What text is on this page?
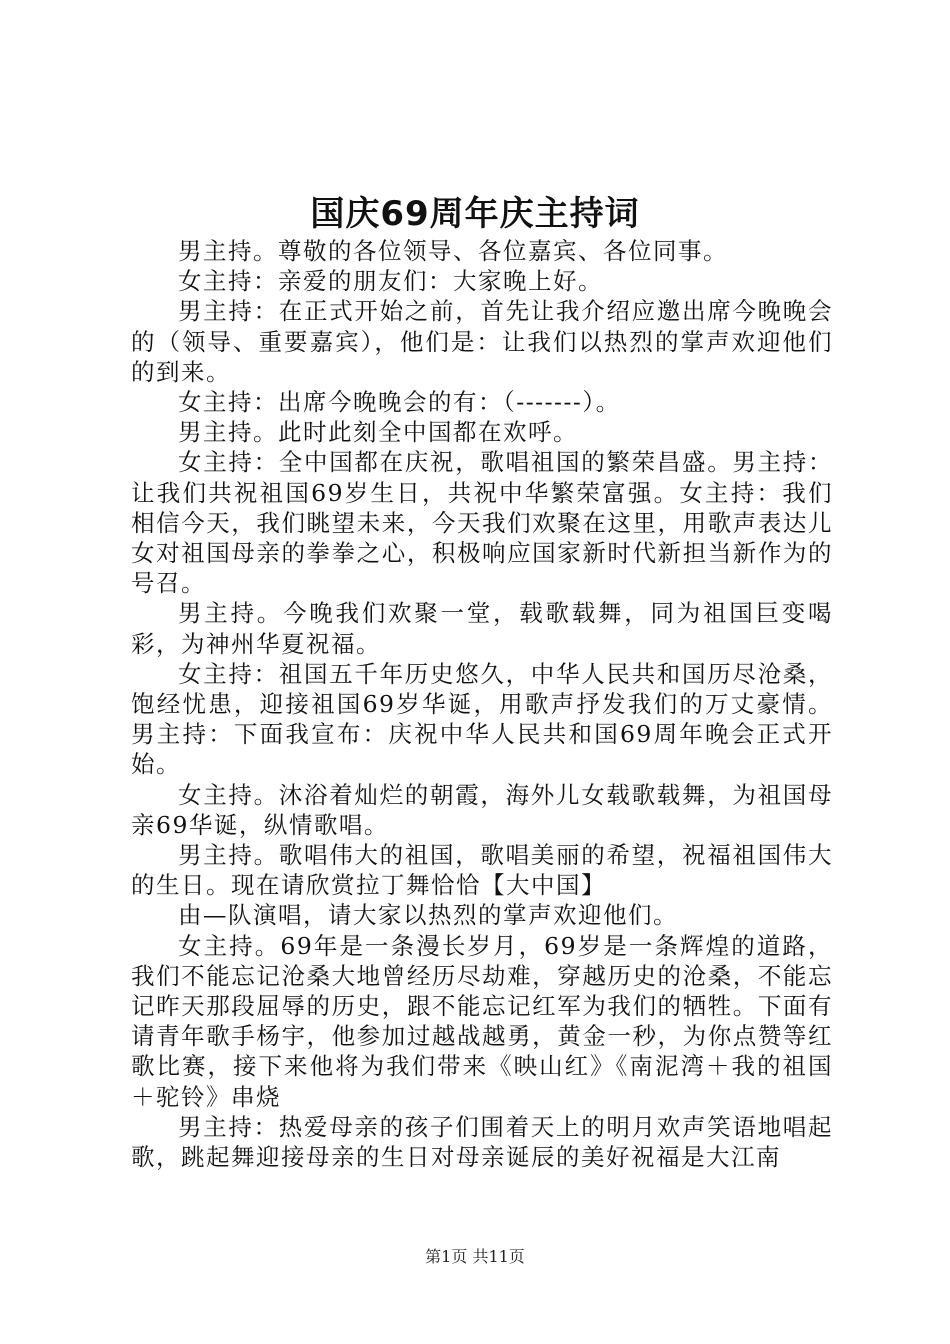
国庆69周年庆主持词

男主持。尊敬的各位领导、各位嘉宾、各位同事。

女主持：亲爱的朋友们：大家晚上好。

男主持：在正式开始之前，首先让我介绍应邀出席今晚晚会的（领导、重要嘉宾），他们是：让我们以热烈的掌声欢迎他们的到来。

女主持：出席今晚晚会的有：（-------）。

男主持。此时此刻全中国都在欢呼。

女主持：全中国都在庆祝，歌唱祖国的繁荣昌盛。男主持：让我们共祝祖国69岁生日，共祝中华繁荣富强。女主持：我们相信今天，我们眺望未来，今天我们欢聚在这里，用歌声表达儿女对祖国母亲的拳拳之心，积极响应国家新时代新担当新作为的号召。

男主持。今晚我们欢聚一堂，载歌载舞，同为祖国巨变喝彩，为神州华夏祝福。

女主持：祖国五千年历史悠久，中华人民共和国历尽沧桑，饱经忧患，迎接祖国69岁华诞，用歌声抒发我们的万丈豪情。男主持：下面我宣布：庆祝中华人民共和国69周年晚会正式开始。

女主持。沐浴着灿烂的朝霞，海外儿女载歌载舞，为祖国母亲69华诞，纵情歌唱。

男主持。歌唱伟大的祖国，歌唱美丽的希望，祝福祖国伟大的生日。现在请欣赏拉丁舞恰恰【大中国】

由—队演唱，请大家以热烈的掌声欢迎他们。

女主持。69年是一条漫长岁月，69岁是一条辉煌的道路，我们不能忘记沧桑大地曾经历尽劫难，穿越历史的沧桑，不能忘记昨天那段屈辱的历史，跟不能忘记红军为我们的牺牲。下面有请青年歌手杨宇，他参加过越战越勇，黄金一秒，为你点赞等红歌比赛，接下来他将为我们带来《映山红》《南泥湾＋我的祖国＋驼铃》串烧

男主持：热爱母亲的孩子们围着天上的明月欢声笑语地唱起歌，跳起舞迎接母亲的生日对母亲诞辰的美好祝福是大江南

第1页 共11页
